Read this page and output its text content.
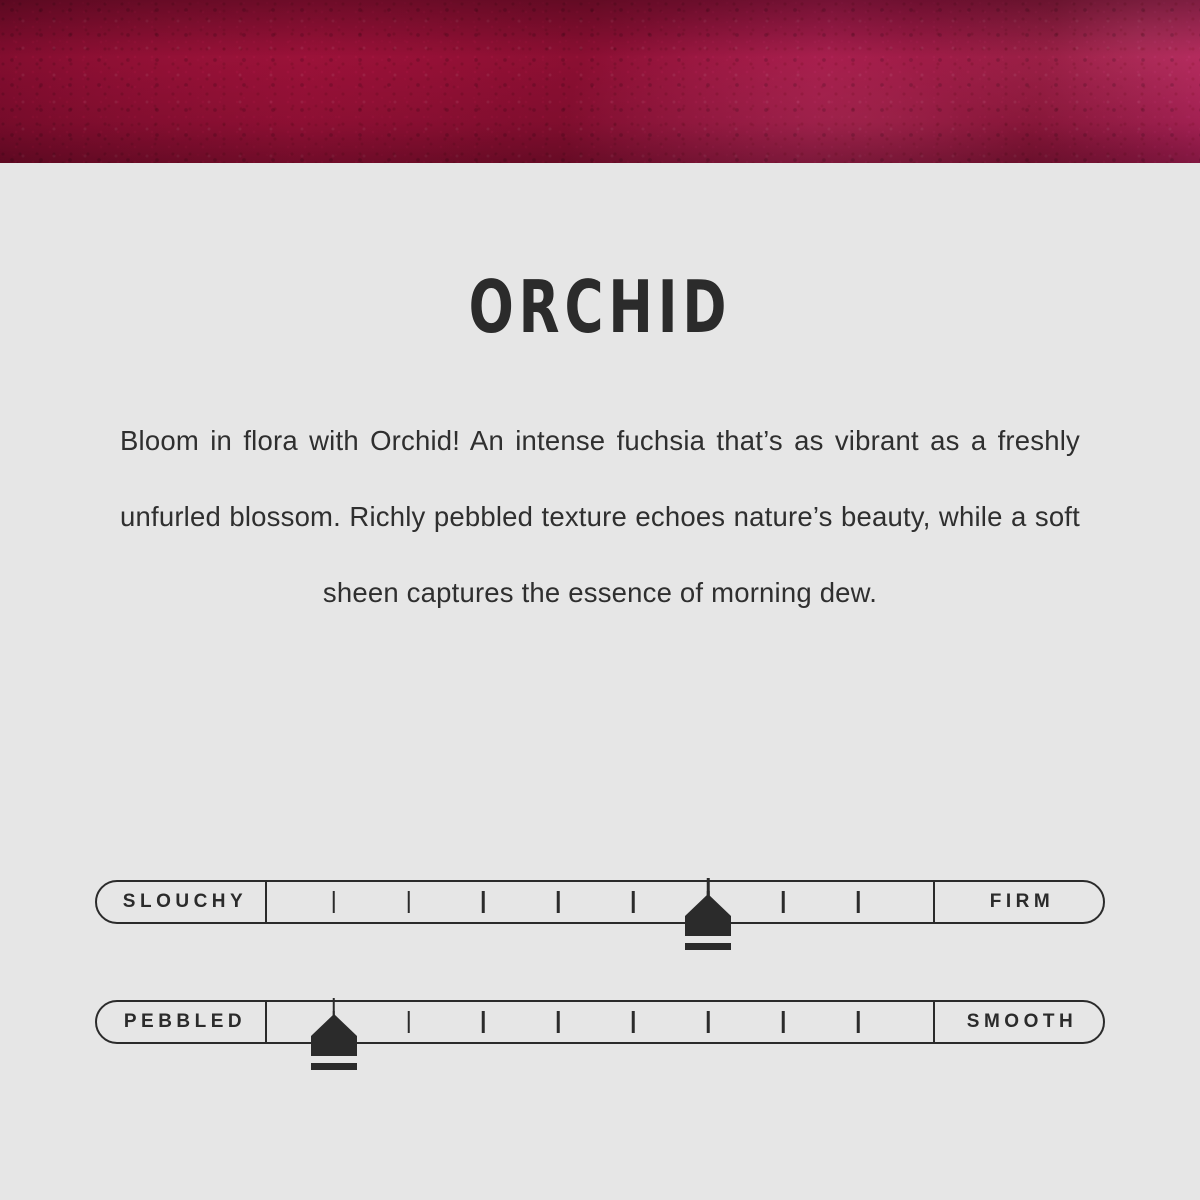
ORCHID

Bloom in flora with Orchid! An intense fuchsia that’s as vibrant as a freshly unfurled blossom. Richly pebbled texture echoes nature’s beauty, while a soft sheen captures the essence of morning dew.

SLOUCHY	FIRM
PEBBLED	SMOOTH
